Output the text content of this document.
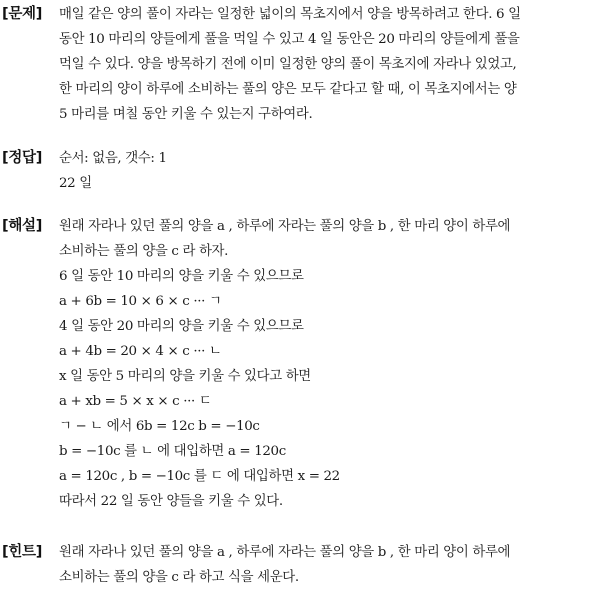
[문제] 매일 같은 양의 풀이 자라는 일정한 넓이의 목초지에서 양을 방목하려고 한다. 6 일
동안 10 마리의 양들에게 풀을 먹일 수 있고 4 일 동안은 20 마리의 양들에게 풀을
먹일 수 있다. 양을 방목하기 전에 이미 일정한 양의 풀이 목초지에 자라나 있었고,
한 마리의 양이 하루에 소비하는 풀의 양은 모두 같다고 할 때, 이 목초지에서는 양
5 마리를 며칠 동안 키울 수 있는지 구하여라.
[정답] 순서: 없음, 갯수: 1
22 일
[해설] 원래 자라나 있던 풀의 양을 a , 하루에 자라는 풀의 양을 b , 한 마리 양이 하루에
소비하는 풀의 양을 c 라 하자.
6 일 동안 10 마리의 양을 키울 수 있으므로
a + 6b = 10 × 6 × c ··· ㄱ
4 일 동안 20 마리의 양을 키울 수 있으므로
a + 4b = 20 × 4 × c ··· ㄴ
x 일 동안 5 마리의 양을 키울 수 있다고 하면
a + xb = 5 × x × c ··· ㄷ
ㄱ − ㄴ 에서 6b = 12c b = −10c
b = −10c 를 ㄴ 에 대입하면 a = 120c
a = 120c , b = −10c 를 ㄷ 에 대입하면 x = 22
따라서 22 일 동안 양들을 키울 수 있다.
[힌트] 원래 자라나 있던 풀의 양을 a , 하루에 자라는 풀의 양을 b , 한 마리 양이 하루에
소비하는 풀의 양을 c 라 하고 식을 세운다.
